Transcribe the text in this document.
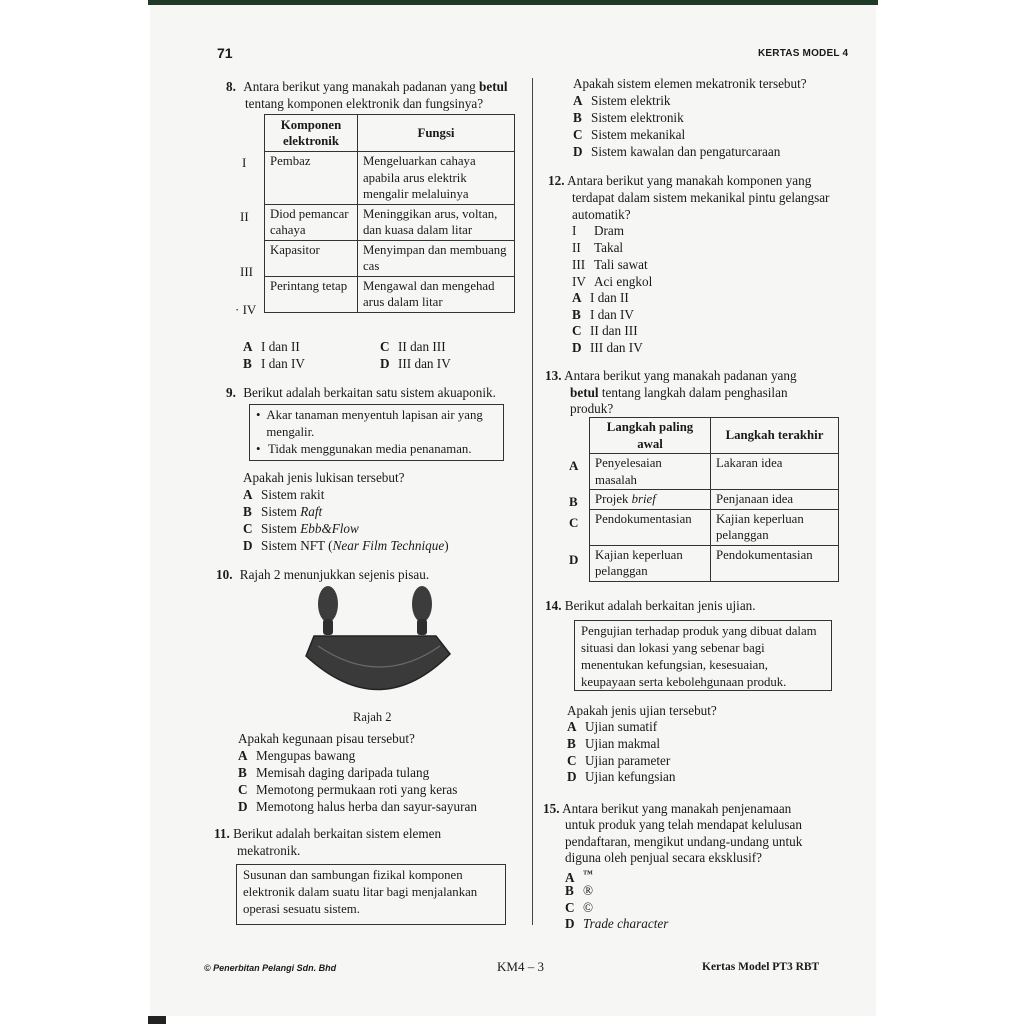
71	KERTAS MODEL 4
8. Antara berikut yang manakah padanan yang betul
tentang komponen elektronik dan fungsinya?
I
II
III
· IV
Komponen elektronik	Fungsi
Pembaz	Mengeluarkan cahaya apabila arus elektrik mengalir melaluinya
Diod pemancar cahaya	Meninggikan arus, voltan, dan kuasa dalam litar
Kapasitor	Menyimpan dan membuang cas
Perintang tetap	Mengawal dan mengehad arus dalam litar
A I dan II	C II dan III
B I dan IV	D III dan IV
9. Berikut adalah berkaitan satu sistem akuaponik.
• Akar tanaman menyentuh lapisan air yang mengalir.
• Tidak menggunakan media penanaman.
Apakah jenis lukisan tersebut?
A Sistem rakit
B Sistem Raft
C Sistem Ebb&Flow
D Sistem NFT (Near Film Technique)
10. Rajah 2 menunjukkan sejenis pisau.
Rajah 2
Apakah kegunaan pisau tersebut?
A Mengupas bawang
B Memisah daging daripada tulang
C Memotong permukaan roti yang keras
D Memotong halus herba dan sayur-sayuran
11. Berikut adalah berkaitan sistem elemen
mekatronik.
Susunan dan sambungan fizikal komponen elektronik dalam suatu litar bagi menjalankan operasi sesuatu sistem.
Apakah sistem elemen mekatronik tersebut?
A Sistem elektrik
B Sistem elektronik
C Sistem mekanikal
D Sistem kawalan dan pengaturcaraan
12. Antara berikut yang manakah komponen yang
terdapat dalam sistem mekanikal pintu gelangsar
automatik?
I Dram
II Takal
III Tali sawat
IV Aci engkol
A I dan II
B I dan IV
C II dan III
D III dan IV
13. Antara berikut yang manakah padanan yang
betul tentang langkah dalam penghasilan
produk?
A
B
C
D
Langkah paling awal	Langkah terakhir
Penyelesaian masalah	Lakaran idea
Projek brief	Penjanaan idea
Pendokumentasian	Kajian keperluan pelanggan
Kajian keperluan pelanggan	Pendokumentasian
14. Berikut adalah berkaitan jenis ujian.
Pengujian terhadap produk yang dibuat dalam situasi dan lokasi yang sebenar bagi menentukan kefungsian, kesesuaian, keupayaan serta kebolehgunaan produk.
Apakah jenis ujian tersebut?
A Ujian sumatif
B Ujian makmal
C Ujian parameter
D Ujian kefungsian
15. Antara berikut yang manakah penjenamaan
untuk produk yang telah mendapat kelulusan
pendaftaran, mengikut undang-undang untuk
diguna oleh penjual secara eksklusif?
A ™
B ®
C ©
D Trade character
© Penerbitan Pelangi Sdn. Bhd	KM4 – 3	Kertas Model PT3 RBT
